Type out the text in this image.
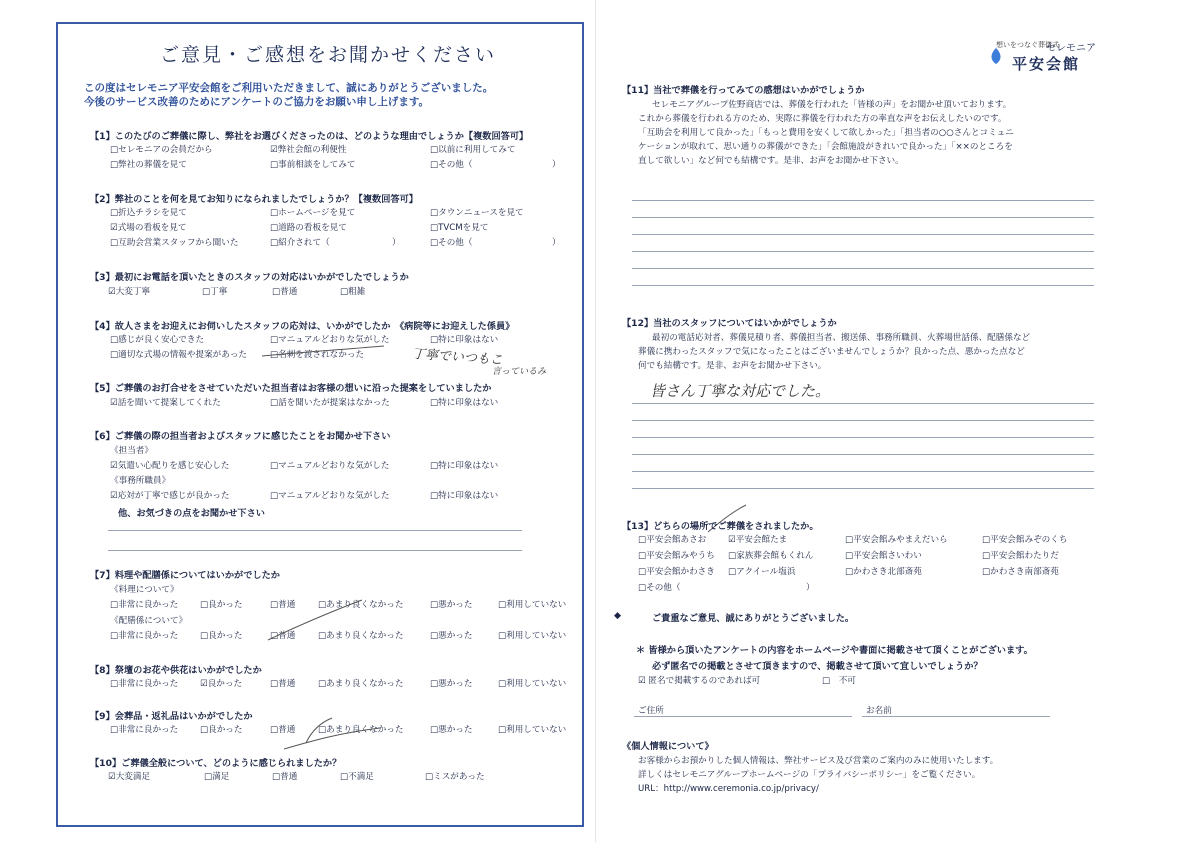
ご意見・ご感想をお聞かせください
この度はセレモニア平安会館をご利用いただきまして、誠にありがとうございました。
今後のサービス改善のためにアンケートのご協力をお願い申し上げます。
【1】このたびのご葬儀に際し、弊社をお選びくださったのは、どのような理由でしょうか【複数回答可】
□セレモニアの会員だから	☑弊社会館の利便性	□以前に利用してみて
□弊社の葬儀を見て	□事前相談をしてみて	□その他（	）
【2】弊社のことを何を見てお知りになられましたでしょうか？【複数回答可】
□折込チラシを見て	□ホームページを見て	□タウンニュースを見て
☑式場の看板を見て	□道路の看板を見て	□TVCMを見て
□互助会営業スタッフから聞いた	□紹介されて（	）	□その他（	）
【3】最初にお電話を頂いたときのスタッフの対応はいかがでしたでしょうか
☑大変丁寧	□丁寧	□普通	□粗雑
【4】故人さまをお迎えにお伺いしたスタッフの応対は、いかがでしたか　《病院等にお迎えした係員》
□感じが良く安心できた	□マニュアルどおりな気がした	□特に印象はない
□適切な式場の情報や提案があった	□名刺を渡されなかった	丁寧でいつもこ
言っているみ
【5】ご葬儀のお打合せをさせていただいた担当者はお客様の想いに沿った提案をしていましたか
☑話を聞いて提案してくれた	□話を聞いたが提案はなかった	□特に印象はない
【6】ご葬儀の際の担当者およびスタッフに感じたことをお聞かせ下さい
《担当者》
☑気遣い心配りを感じ安心した	□マニュアルどおりな気がした	□特に印象はない
《事務所職員》
☑応対が丁寧で感じが良かった	□マニュアルどおりな気がした	□特に印象はない
他、お気づきの点をお聞かせ下さい
【7】料理や配膳係についてはいかがでしたか
《料理について》
□非常に良かった	□良かった	□普通	□あまり良くなかった	□悪かった	□利用していない
《配膳係について》
□非常に良かった	□良かった	□普通	□あまり良くなかった	□悪かった	□利用していない
【8】祭壇のお花や供花はいかがでしたか
□非常に良かった	☑良かった	□普通	□あまり良くなかった	□悪かった	□利用していない
【9】会葬品・返礼品はいかがでしたか
□非常に良かった	□良かった	□普通	□あまり良くなかった	□悪かった	□利用していない
【10】ご葬儀全般について、どのように感じられましたか？
☑大変満足	□満足	□普通	□不満足	□ミスがあった
想いをつなぐ葬儀式
セレモニア
平安会館
【11】当社で葬儀を行ってみての感想はいかがでしょうか
セレモニアグループ佐野商店では、葬儀を行われた「皆様の声」をお聞かせ頂いております。
これから葬儀を行われる方のため、実際に葬儀を行われた方の率直な声をお伝えしたいのです。
「互助会を利用して良かった」「もっと費用を安くして欲しかった」「担当者の○○さんとコミュニ
ケーションが取れて、思い通りの葬儀ができた」「会館施設がきれいで良かった」「××のところを
直して欲しい」など何でも結構です。是非、お声をお聞かせ下さい。
【12】当社のスタッフについてはいかがでしょうか
最初の電話応対者、葬儀見積り者、葬儀担当者、搬送係、事務所職員、火葬場世話係、配膳係など
葬儀に携わったスタッフで気になったことはございませんでしょうか？良かった点、悪かった点など
何でも結構です。是非、お声をお聞かせ下さい。
皆さん丁寧な対応でした。
【13】どちらの場所でご葬儀をされましたか。
□平安会館あさお	☑平安会館たま	□平安会館みやまえだいら	□平安会館みぞのくち
□平安会館みやうち □家族葬会館もくれん	□平安会館さいわい	□平安会館わたりだ
□平安会館かわさき □アクイール塩浜	□かわさき北部斎苑	□かわさき南部斎苑
□その他（	）
◆	ご貴重なご意見、誠にありがとうございました。
＊ 皆様から頂いたアンケートの内容をホームページや書面に掲載させて頂くことがございます。
必ず匿名での掲載とさせて頂きますので、掲載させて頂いて宜しいでしょうか？
☑ 匿名で掲載するのであれば可	□　不可
ご住所	お名前
《個人情報について》
お客様からお預かりした個人情報は、弊社サービス及び営業のご案内のみに使用いたします。
詳しくはセレモニアグループホームページの「プライバシーポリシー」をご覧ください。
URL：http://www.ceremonia.co.jp/privacy/
